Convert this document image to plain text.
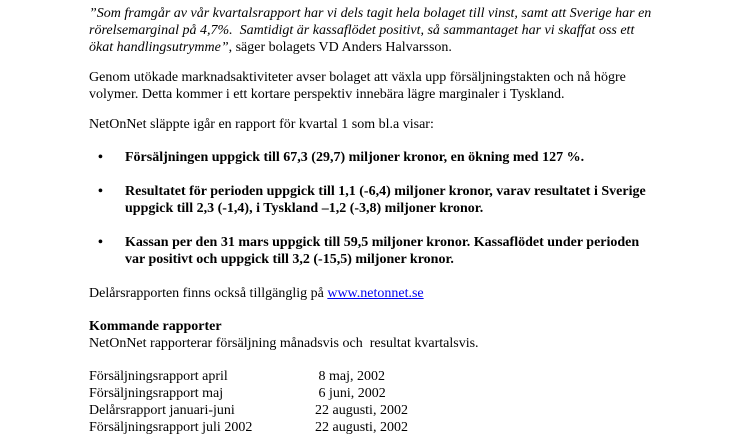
”Som framgår av vår kvartalsrapport har vi dels tagit hela bolaget till vinst, samt att Sverige har en rörelsemarginal på 4,7%.  Samtidigt är kassaflödet positivt, så sammantaget har vi skaffat oss ett ökat handlingsutrymme”, säger bolagets VD Anders Halvarsson.
Genom utökade marknadsaktiviteter avser bolaget att växla upp försäljningstakten och nå högre volymer. Detta kommer i ett kortare perspektiv innebära lägre marginaler i Tyskland.
NetOnNet släppte igår en rapport för kvartal 1 som bl.a visar:
•	Försäljningen uppgick till 67,3 (29,7) miljoner kronor, en ökning med 127 %.
•	Resultatet för perioden uppgick till 1,1 (-6,4) miljoner kronor, varav resultatet i Sverige uppgick till 2,3 (-1,4), i Tyskland –1,2 (-3,8) miljoner kronor.
•	Kassan per den 31 mars uppgick till 59,5 miljoner kronor. Kassaflödet under perioden var positivt och uppgick till 3,2 (-15,5) miljoner kronor.
Delårsrapporten finns också tillgänglig på www.netonnet.se
Kommande rapporter
NetOnNet rapporterar försäljning månadsvis och  resultat kvartalsvis.
Försäljningsrapport april	8 maj, 2002
Försäljningsrapport maj	6 juni, 2002
Delårsrapport januari-juni	22 augusti, 2002
Försäljningsrapport juli 2002	22 augusti, 2002
